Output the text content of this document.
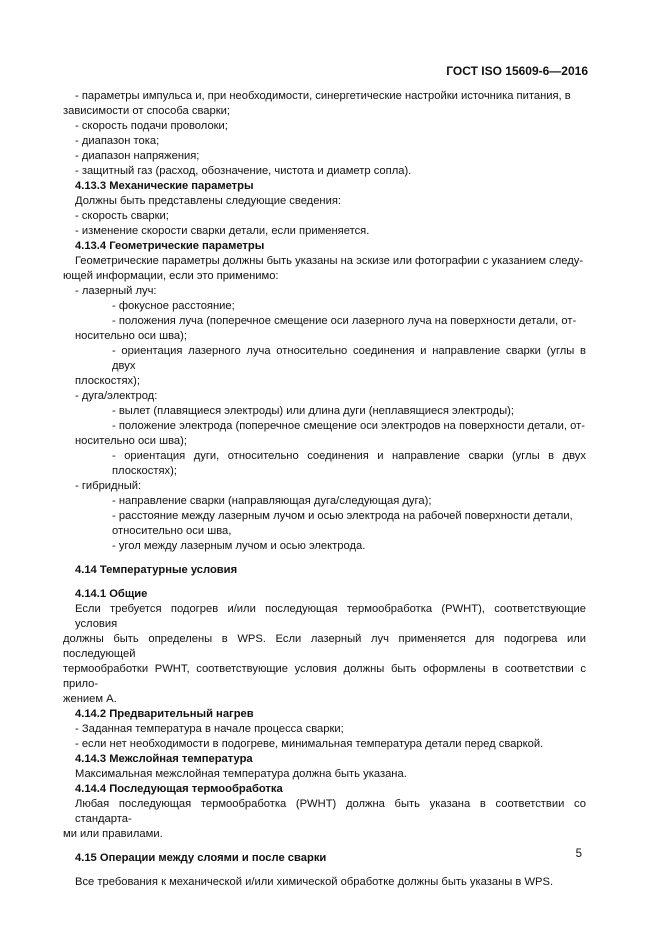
ГОСТ ISO 15609-6—2016

- параметры импульса и, при необходимости, синергетические настройки источника питания, в

зависимости от способа сварки;

- скорость подачи проволоки;

- диапазон тока;

- диапазон напряжения;

- защитный газ (расход, обозначение, чистота и диаметр сопла).

4.13.3 Механические параметры

Должны быть представлены следующие сведения:

- скорость сварки;

- изменение скорости сварки детали, если применяется.

4.13.4 Геометрические параметры

Геометрические параметры должны быть указаны на эскизе или фотографии с указанием следу-

ющей информации, если это применимо:

- лазерный луч:

- фокусное расстояние;

- положения луча (поперечное смещение оси лазерного луча на поверхности детали, от-

носительно оси шва);

- ориентация лазерного луча относительно соединения и направление сварки (углы в двух

плоскостях);

- дуга/электрод:

- вылет (плавящиеся электроды) или длина дуги (неплавящиеся электроды);

- положение электрода (поперечное смещение оси электродов на поверхности детали, от-

носительно оси шва);

- ориентация дуги, относительно соединения и направление сварки (углы в двух плоскостях);

- гибридный:

- направление сварки (направляющая дуга/следующая дуга);

- расстояние между лазерным лучом и осью электрода на рабочей поверхности детали,

относительно оси шва,

- угол между лазерным лучом и осью электрода.

4.14 Температурные условия

4.14.1 Общие

Если требуется подогрев и/или последующая термообработка (PWHT), соответствующие условия

должны быть определены в WPS. Если лазерный луч применяется для подогрева или последующей

термообработки PWHT, соответствующие условия должны быть оформлены в соответствии с прило-

жением А.

4.14.2 Предварительный нагрев

- Заданная температура в начале процесса сварки;

- если нет необходимости в подогреве, минимальная температура детали перед сваркой.

4.14.3 Межслойная температура

Максимальная межслойная температура должна быть указана.

4.14.4 Последующая термообработка

Любая последующая термообработка (PWHT) должна быть указана в соответствии со стандарта-

ми или правилами.

4.15 Операции между слоями и после сварки

Все требования к механической и/или химической обработке должны быть указаны в WPS.

5
